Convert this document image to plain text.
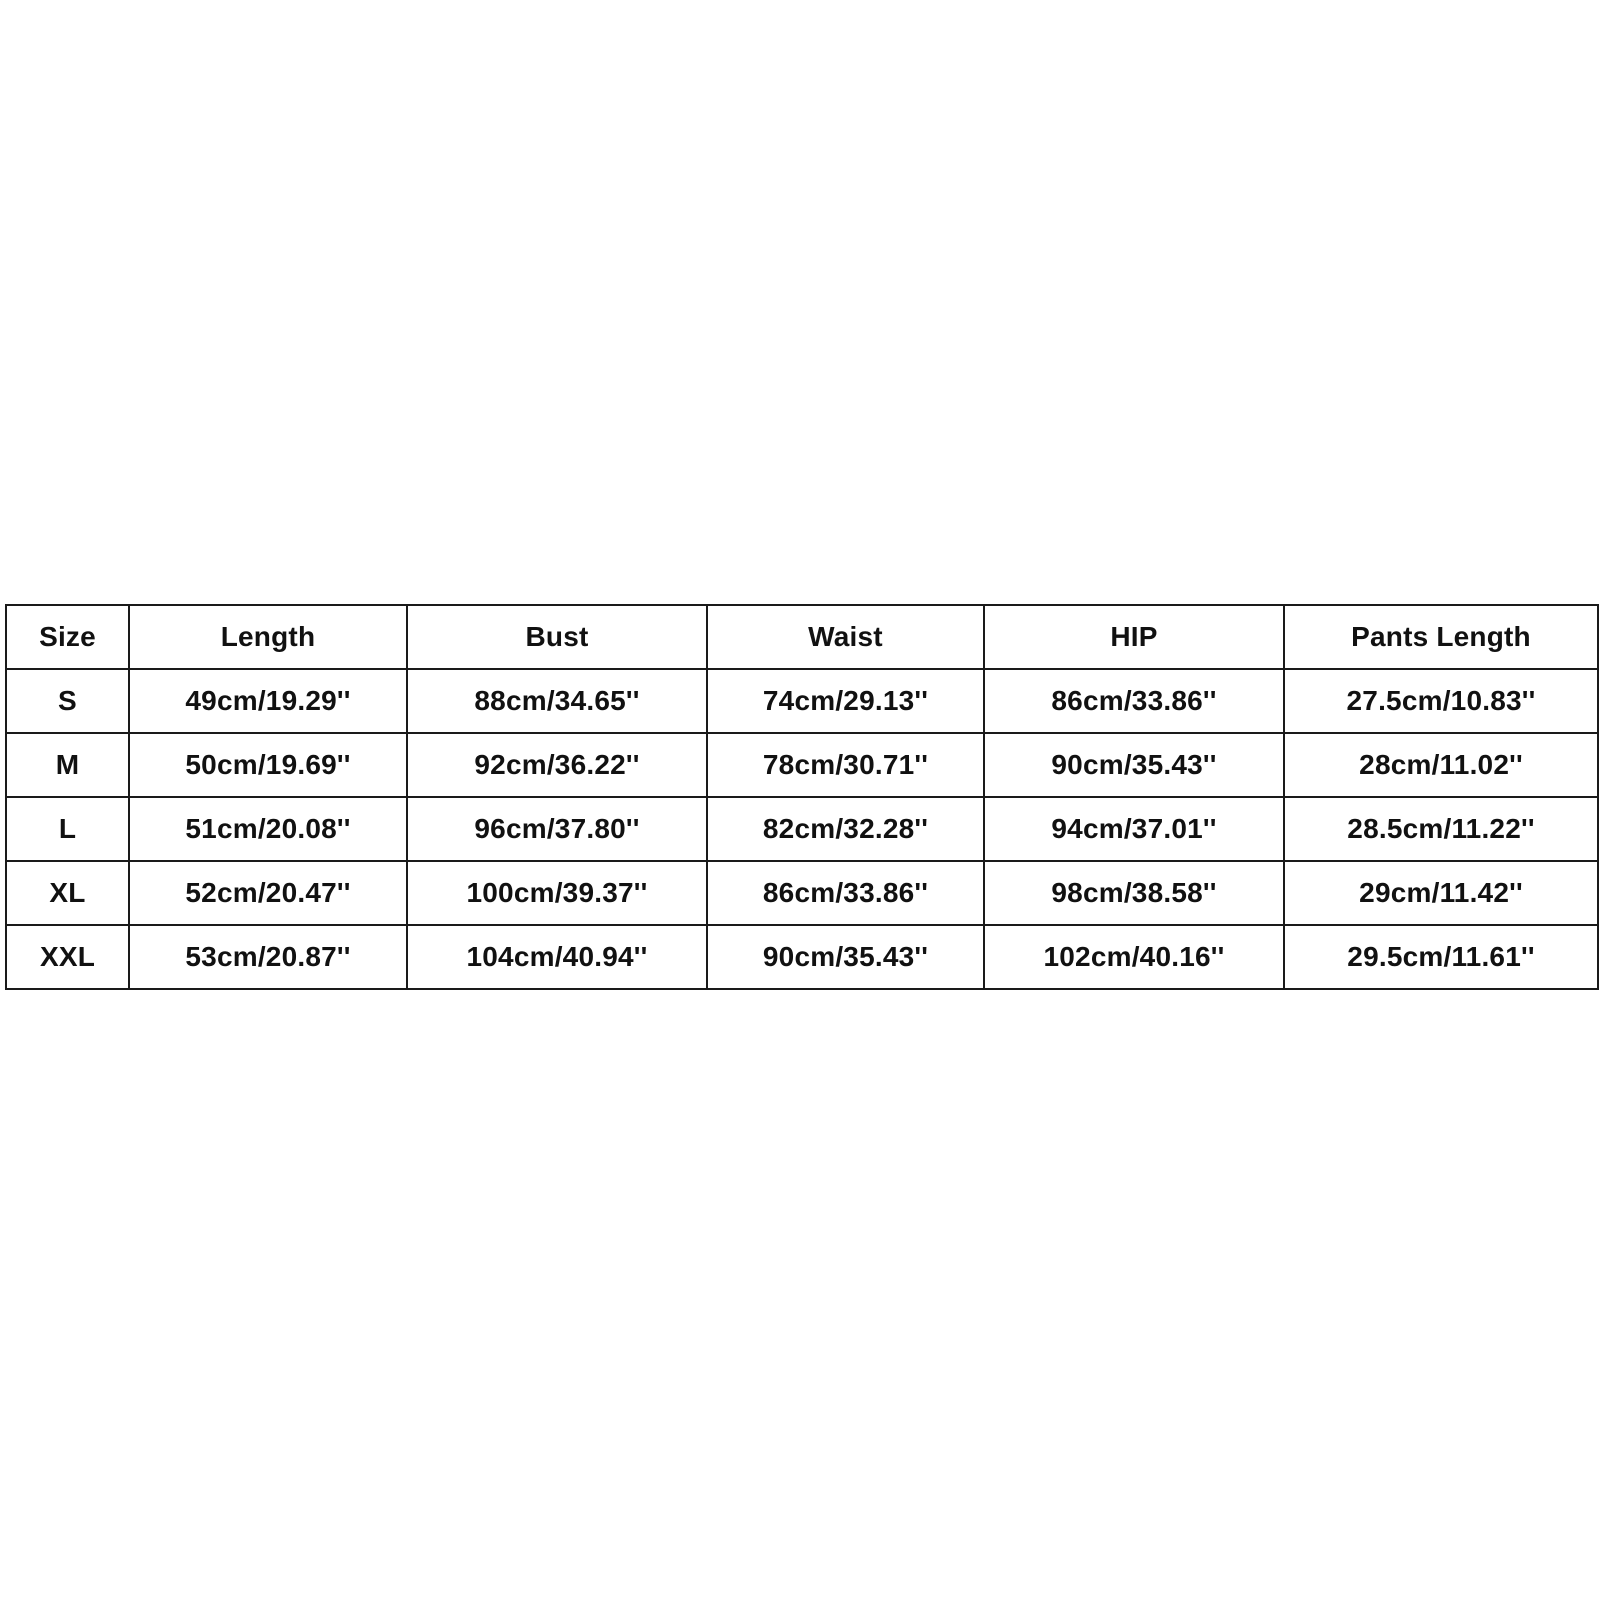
Size	Length	Bust	Waist	HIP	Pants Length
S	49cm/19.29''	88cm/34.65''	74cm/29.13''	86cm/33.86''	27.5cm/10.83''
M	50cm/19.69''	92cm/36.22''	78cm/30.71''	90cm/35.43''	28cm/11.02''
L	51cm/20.08''	96cm/37.80''	82cm/32.28''	94cm/37.01''	28.5cm/11.22''
XL	52cm/20.47''	100cm/39.37''	86cm/33.86''	98cm/38.58''	29cm/11.42''
XXL	53cm/20.87''	104cm/40.94''	90cm/35.43''	102cm/40.16''	29.5cm/11.61''
